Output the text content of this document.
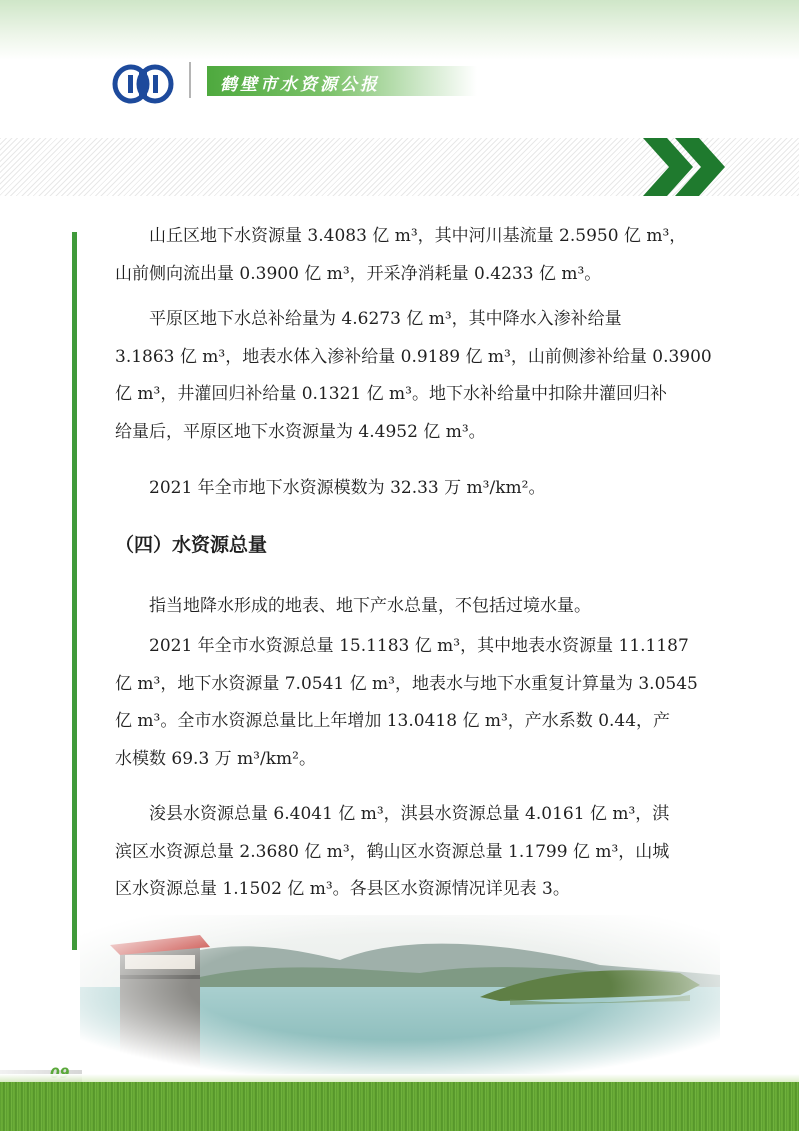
鹤壁市水资源公报

　　山丘区地下水资源量 3.4083 亿 m³，其中河川基流量 2.5950 亿 m³，
山前侧向流出量 0.3900 亿 m³，开采净消耗量 0.4233 亿 m³。

　　平原区地下水总补给量为 4.6273 亿 m³，其中降水入渗补给量
3.1863 亿 m³，地表水体入渗补给量 0.9189 亿 m³，山前侧渗补给量 0.3900
亿 m³，井灌回归补给量 0.1321 亿 m³。地下水补给量中扣除井灌回归补
给量后，平原区地下水资源量为 4.4952 亿 m³。

　　2021 年全市地下水资源模数为 32.33 万 m³/km²。

（四）水资源总量

　　指当地降水形成的地表、地下产水总量，不包括过境水量。

　　2021 年全市水资源总量 15.1183 亿 m³，其中地表水资源量 11.1187
亿 m³，地下水资源量 7.0541 亿 m³，地表水与地下水重复计算量为 3.0545
亿 m³。全市水资源总量比上年增加 13.0418 亿 m³，产水系数 0.44，产
水模数 69.3 万 m³/km²。

　　浚县水资源总量 6.4041 亿 m³，淇县水资源总量 4.0161 亿 m³，淇
滨区水资源总量 2.3680 亿 m³，鹤山区水资源总量 1.1799 亿 m³，山城
区水资源总量 1.1502 亿 m³。各县区水资源情况详见表 3。
